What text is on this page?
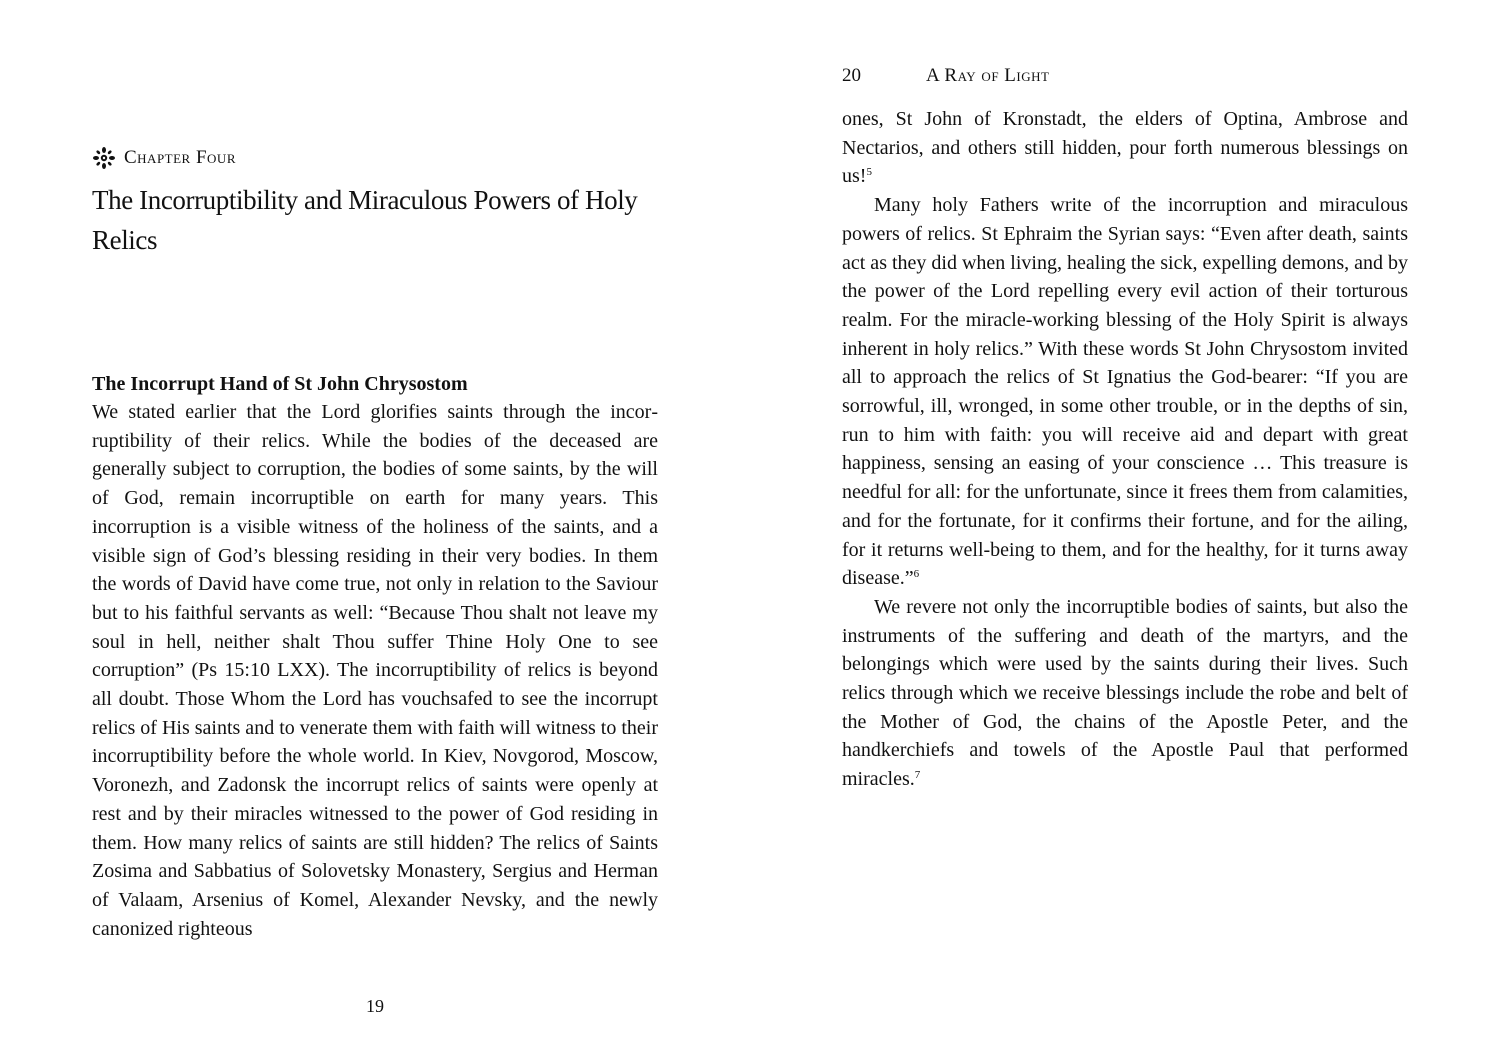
Chapter Four
The Incorruptibility and Miraculous Powers of Holy Relics
The Incorrupt Hand of St John Chrysostom

We stated earlier that the Lord glorifies saints through the incorruptibility of their relics. While the bodies of the deceased are generally subject to corruption, the bodies of some saints, by the will of God, remain incorruptible on earth for many years. This incorruption is a visible witness of the holiness of the saints, and a visible sign of God’s blessing residing in their very bodies. In them the words of David have come true, not only in relation to the Saviour but to his faithful servants as well: “Because Thou shalt not leave my soul in hell, neither shalt Thou suffer Thine Holy One to see corruption” (Ps 15:10 LXX). The incorruptibility of relics is beyond all doubt. Those Whom the Lord has vouchsafed to see the incorrupt relics of His saints and to venerate them with faith will witness to their incorruptibility before the whole world. In Kiev, Novgorod, Moscow, Voronezh, and Zadonsk the incorrupt relics of saints were openly at rest and by their miracles witnessed to the power of God residing in them. How many relics of saints are still hidden? The relics of Saints Zosima and Sabbatius of Solovetsky Monastery, Sergius and Herman of Valaam, Arsenius of Komel, Alexander Nevsky, and the newly canonized righteous

19
20	A Ray of Light

ones, St John of Kronstadt, the elders of Optina, Ambrose and Nectarios, and others still hidden, pour forth numerous blessings on us!$^5$

Many holy Fathers write of the incorruption and miraculous powers of relics. St Ephraim the Syrian says: “Even after death, saints act as they did when living, healing the sick, expelling demons, and by the power of the Lord repelling every evil action of their torturous realm. For the miracle-working blessing of the Holy Spirit is always inherent in holy relics.” With these words St John Chrysostom invited all to approach the relics of St Ignatius the God-bearer: “If you are sorrowful, ill, wronged, in some other trouble, or in the depths of sin, run to him with faith: you will receive aid and depart with great happiness, sensing an easing of your conscience … This treasure is needful for all: for the unfortunate, since it frees them from calamities, and for the fortunate, for it confirms their fortune, and for the ailing, for it returns well-being to them, and for the healthy, for it turns away disease.”$^6$

We revere not only the incorruptible bodies of saints, but also the instruments of the suffering and death of the martyrs, and the belongings which were used by the saints during their lives. Such relics through which we receive blessings include the robe and belt of the Mother of God, the chains of the Apostle Peter, and the handkerchiefs and towels of the Apostle Paul that performed miracles.$^7$
